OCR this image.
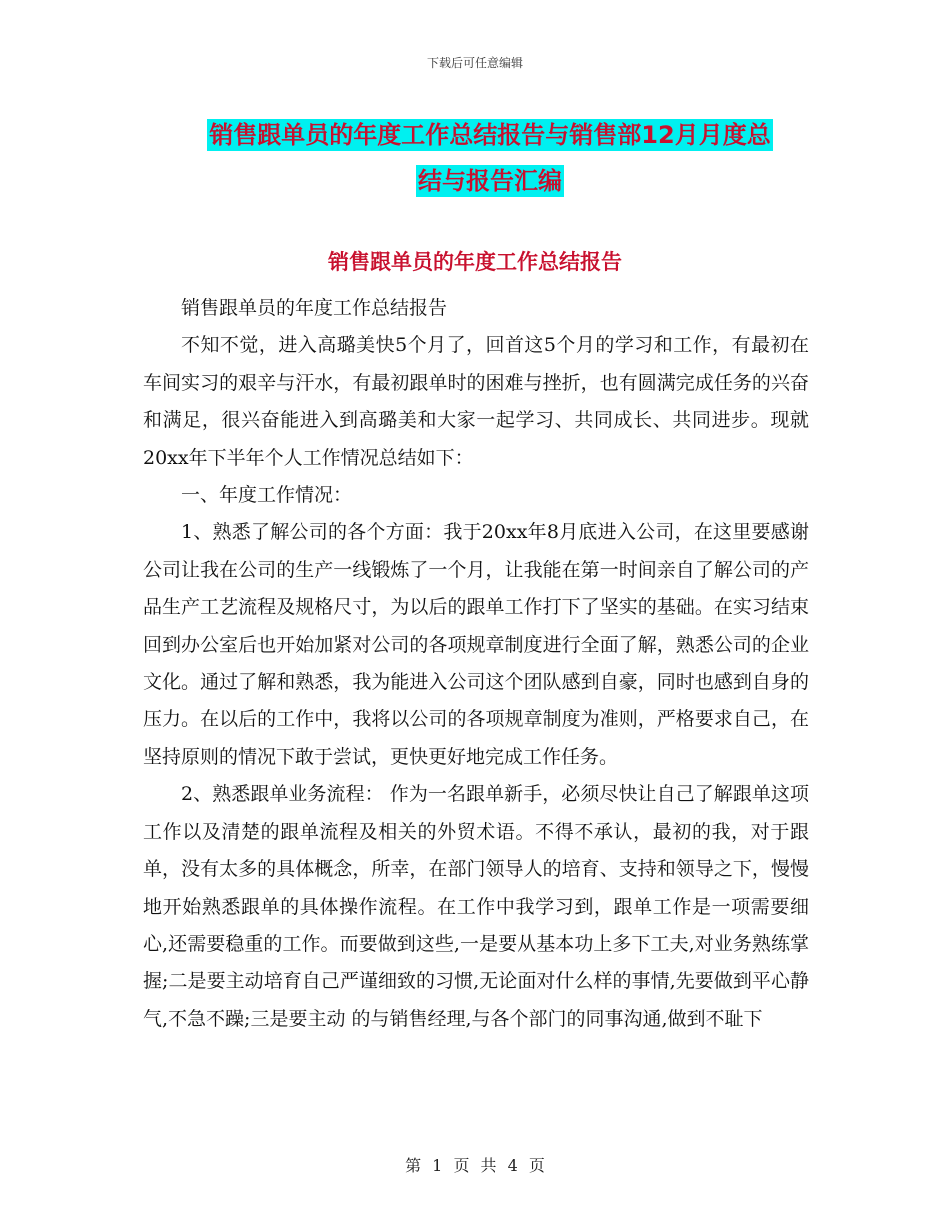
下载后可任意编辑
销售跟单员的年度工作总结报告与销售部12月月度总
结与报告汇编
销售跟单员的年度工作总结报告

销售跟单员的年度工作总结报告

不知不觉，进入高璐美快5个月了，回首这5个月的学习和工作，有最初在车间实习的艰辛与汗水，有最初跟单时的困难与挫折，也有圆满完成任务的兴奋和满足，很兴奋能进入到高璐美和大家一起学习、共同成长、共同进步。现就20xx年下半年个人工作情况总结如下：

一、年度工作情况：

1、熟悉了解公司的各个方面：我于20xx年8月底进入公司，在这里要感谢公司让我在公司的生产一线锻炼了一个月，让我能在第一时间亲自了解公司的产品生产工艺流程及规格尺寸，为以后的跟单工作打下了坚实的基础。在实习结束回到办公室后也开始加紧对公司的各项规章制度进行全面了解，熟悉公司的企业文化。通过了解和熟悉，我为能进入公司这个团队感到自豪，同时也感到自身的压力。在以后的工作中，我将以公司的各项规章制度为准则，严格要求自己，在坚持原则的情况下敢于尝试，更快更好地完成工作任务。

2、熟悉跟单业务流程： 作为一名跟单新手，必须尽快让自己了解跟单这项工作以及清楚的跟单流程及相关的外贸术语。不得不承认，最初的我，对于跟单，没有太多的具体概念，所幸，在部门领导人的培育、支持和领导之下，慢慢地开始熟悉跟单的具体操作流程。在工作中我学习到，跟单工作是一项需要细心,还需要稳重的工作。而要做到这些,一是要从基本功上多下工夫,对业务熟练掌握;二是要主动培育自己严谨细致的习惯,无论面对什么样的事情,先要做到平心静气,不急不躁;三是要主动 的与销售经理,与各个部门的同事沟通,做到不耻下

第 1 页 共 4 页
